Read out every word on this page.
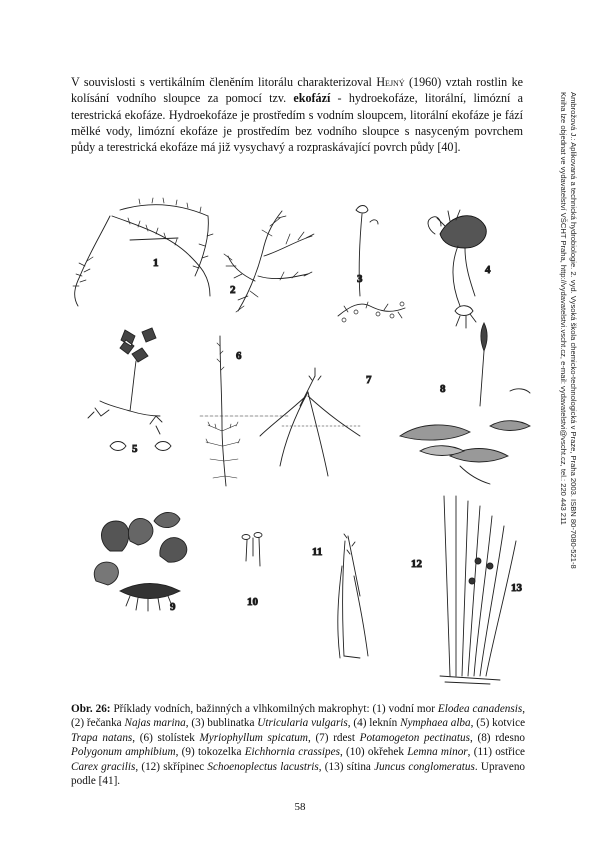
V souvislosti s vertikálním členěním litorálu charakterizoval Hejný (1960) vztah rostlin ke kolísání vodního sloupce za pomocí tzv. ekofází - hydroekofáze, litorální, limózní a terestrická ekofáze. Hydroekofáze je prostředím s vodním sloupcem, litorální ekofáze je fází mělké vody, limózní ekofáze je prostředím bez vodního sloupce s nasyceným povrchem půdy a terestrická ekofáze má již vysychavý a rozpraskávající povrch půdy [40].	Ambrožová J.: Aplikovaná a technická hydrobiologie. 2. vyd. Vysoká škola chemicko-technologická v Praze, Praha 2003. ISBN 80-7080-521-8
Kniha lze objednat ve vydavatelství VŠCHT Praha, http://vydavatelstvi.vscht.cz, e-mail: vydavatelstvi@vscht.cz, tel.: 220 443 211
1
2
3
4
5
6
7
8
9	10
11
12
13
Obr. 26: Příklady vodních, bažinných a vlhkomilných makrophyt: (1) vodní mor Elodea canadensis, (2) řečanka Najas marina, (3) bublinatka Utricularia vulgaris, (4) leknín Nymphaea alba, (5) kotvice Trapa natans, (6) stolístek Myriophyllum spicatum, (7) rdest Potamogeton pectinatus, (8) rdesno Polygonum amphibium, (9) tokozelka Eichhornia crassipes, (10) okřehek Lemna minor, (11) ostřice Carex gracilis, (12) skřípinec Schoenoplectus lacustris, (13) sítina Juncus conglomeratus. Upraveno podle [41].
58
